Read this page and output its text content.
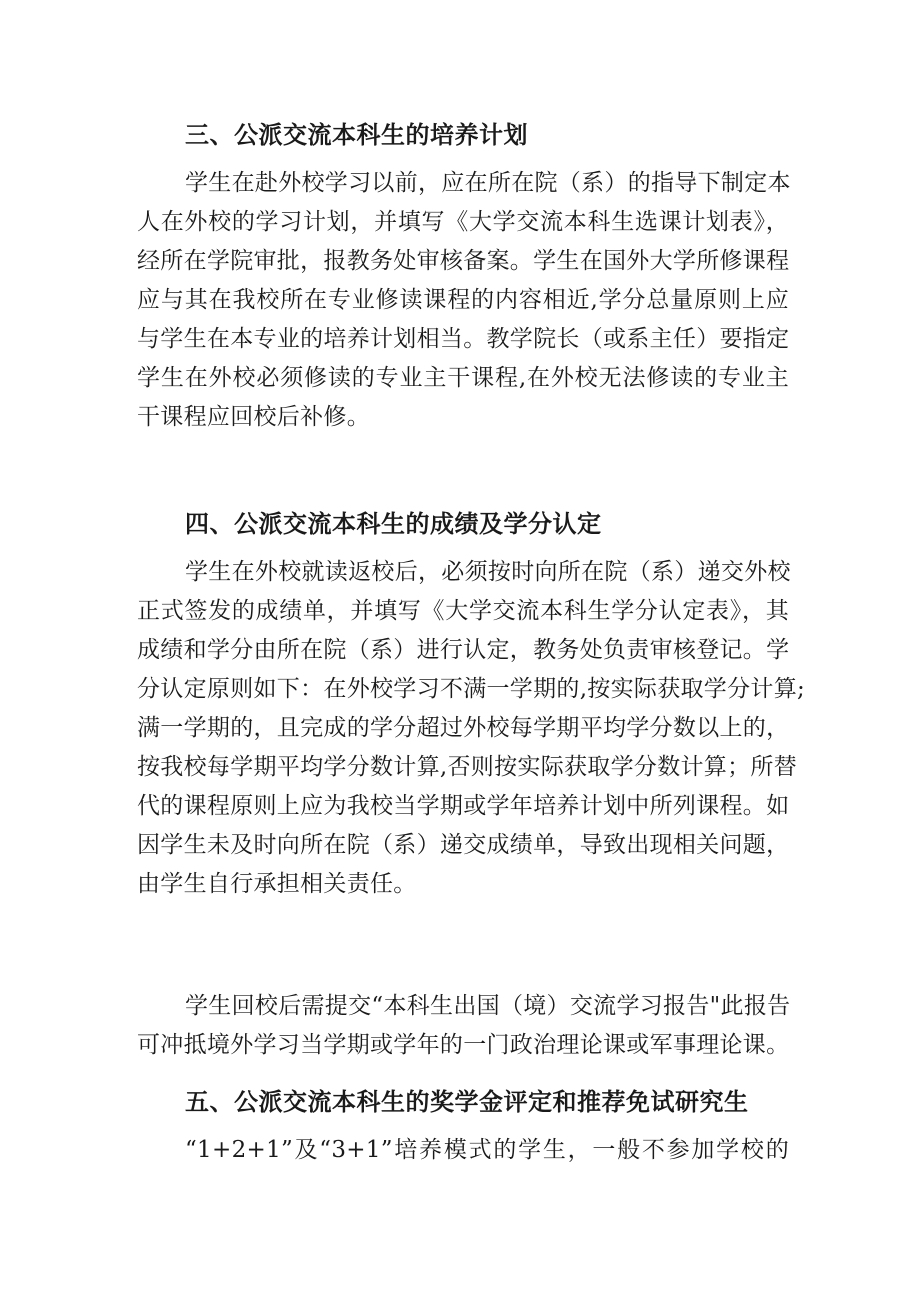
三、公派交流本科生的培养计划
学生在赴外校学习以前，应在所在院（系）的指导下制定本
人在外校的学习计划，并填写《大学交流本科生选课计划表》，
经所在学院审批，报教务处审核备案。学生在国外大学所修课程
应与其在我校所在专业修读课程的内容相近,学分总量原则上应
与学生在本专业的培养计划相当。教学院长（或系主任）要指定
学生在外校必须修读的专业主干课程,在外校无法修读的专业主
干课程应回校后补修。
四、公派交流本科生的成绩及学分认定
学生在外校就读返校后，必须按时向所在院（系）递交外校
正式签发的成绩单，并填写《大学交流本科生学分认定表》，其
成绩和学分由所在院（系）进行认定，教务处负责审核登记。学
分认定原则如下：在外校学习不满一学期的,按实际获取学分计算;
满一学期的，且完成的学分超过外校每学期平均学分数以上的，
按我校每学期平均学分数计算,否则按实际获取学分数计算；所替
代的课程原则上应为我校当学期或学年培养计划中所列课程。如
因学生未及时向所在院（系）递交成绩单，导致出现相关问题，
由学生自行承担相关责任。
学生回校后需提交“本科生出国（境）交流学习报告"此报告
可冲抵境外学习当学期或学年的一门政治理论课或军事理论课。
五、公派交流本科生的奖学金评定和推荐免试研究生
“1+2+1”及“3+1”培养模式的学生，一般不参加学校的
